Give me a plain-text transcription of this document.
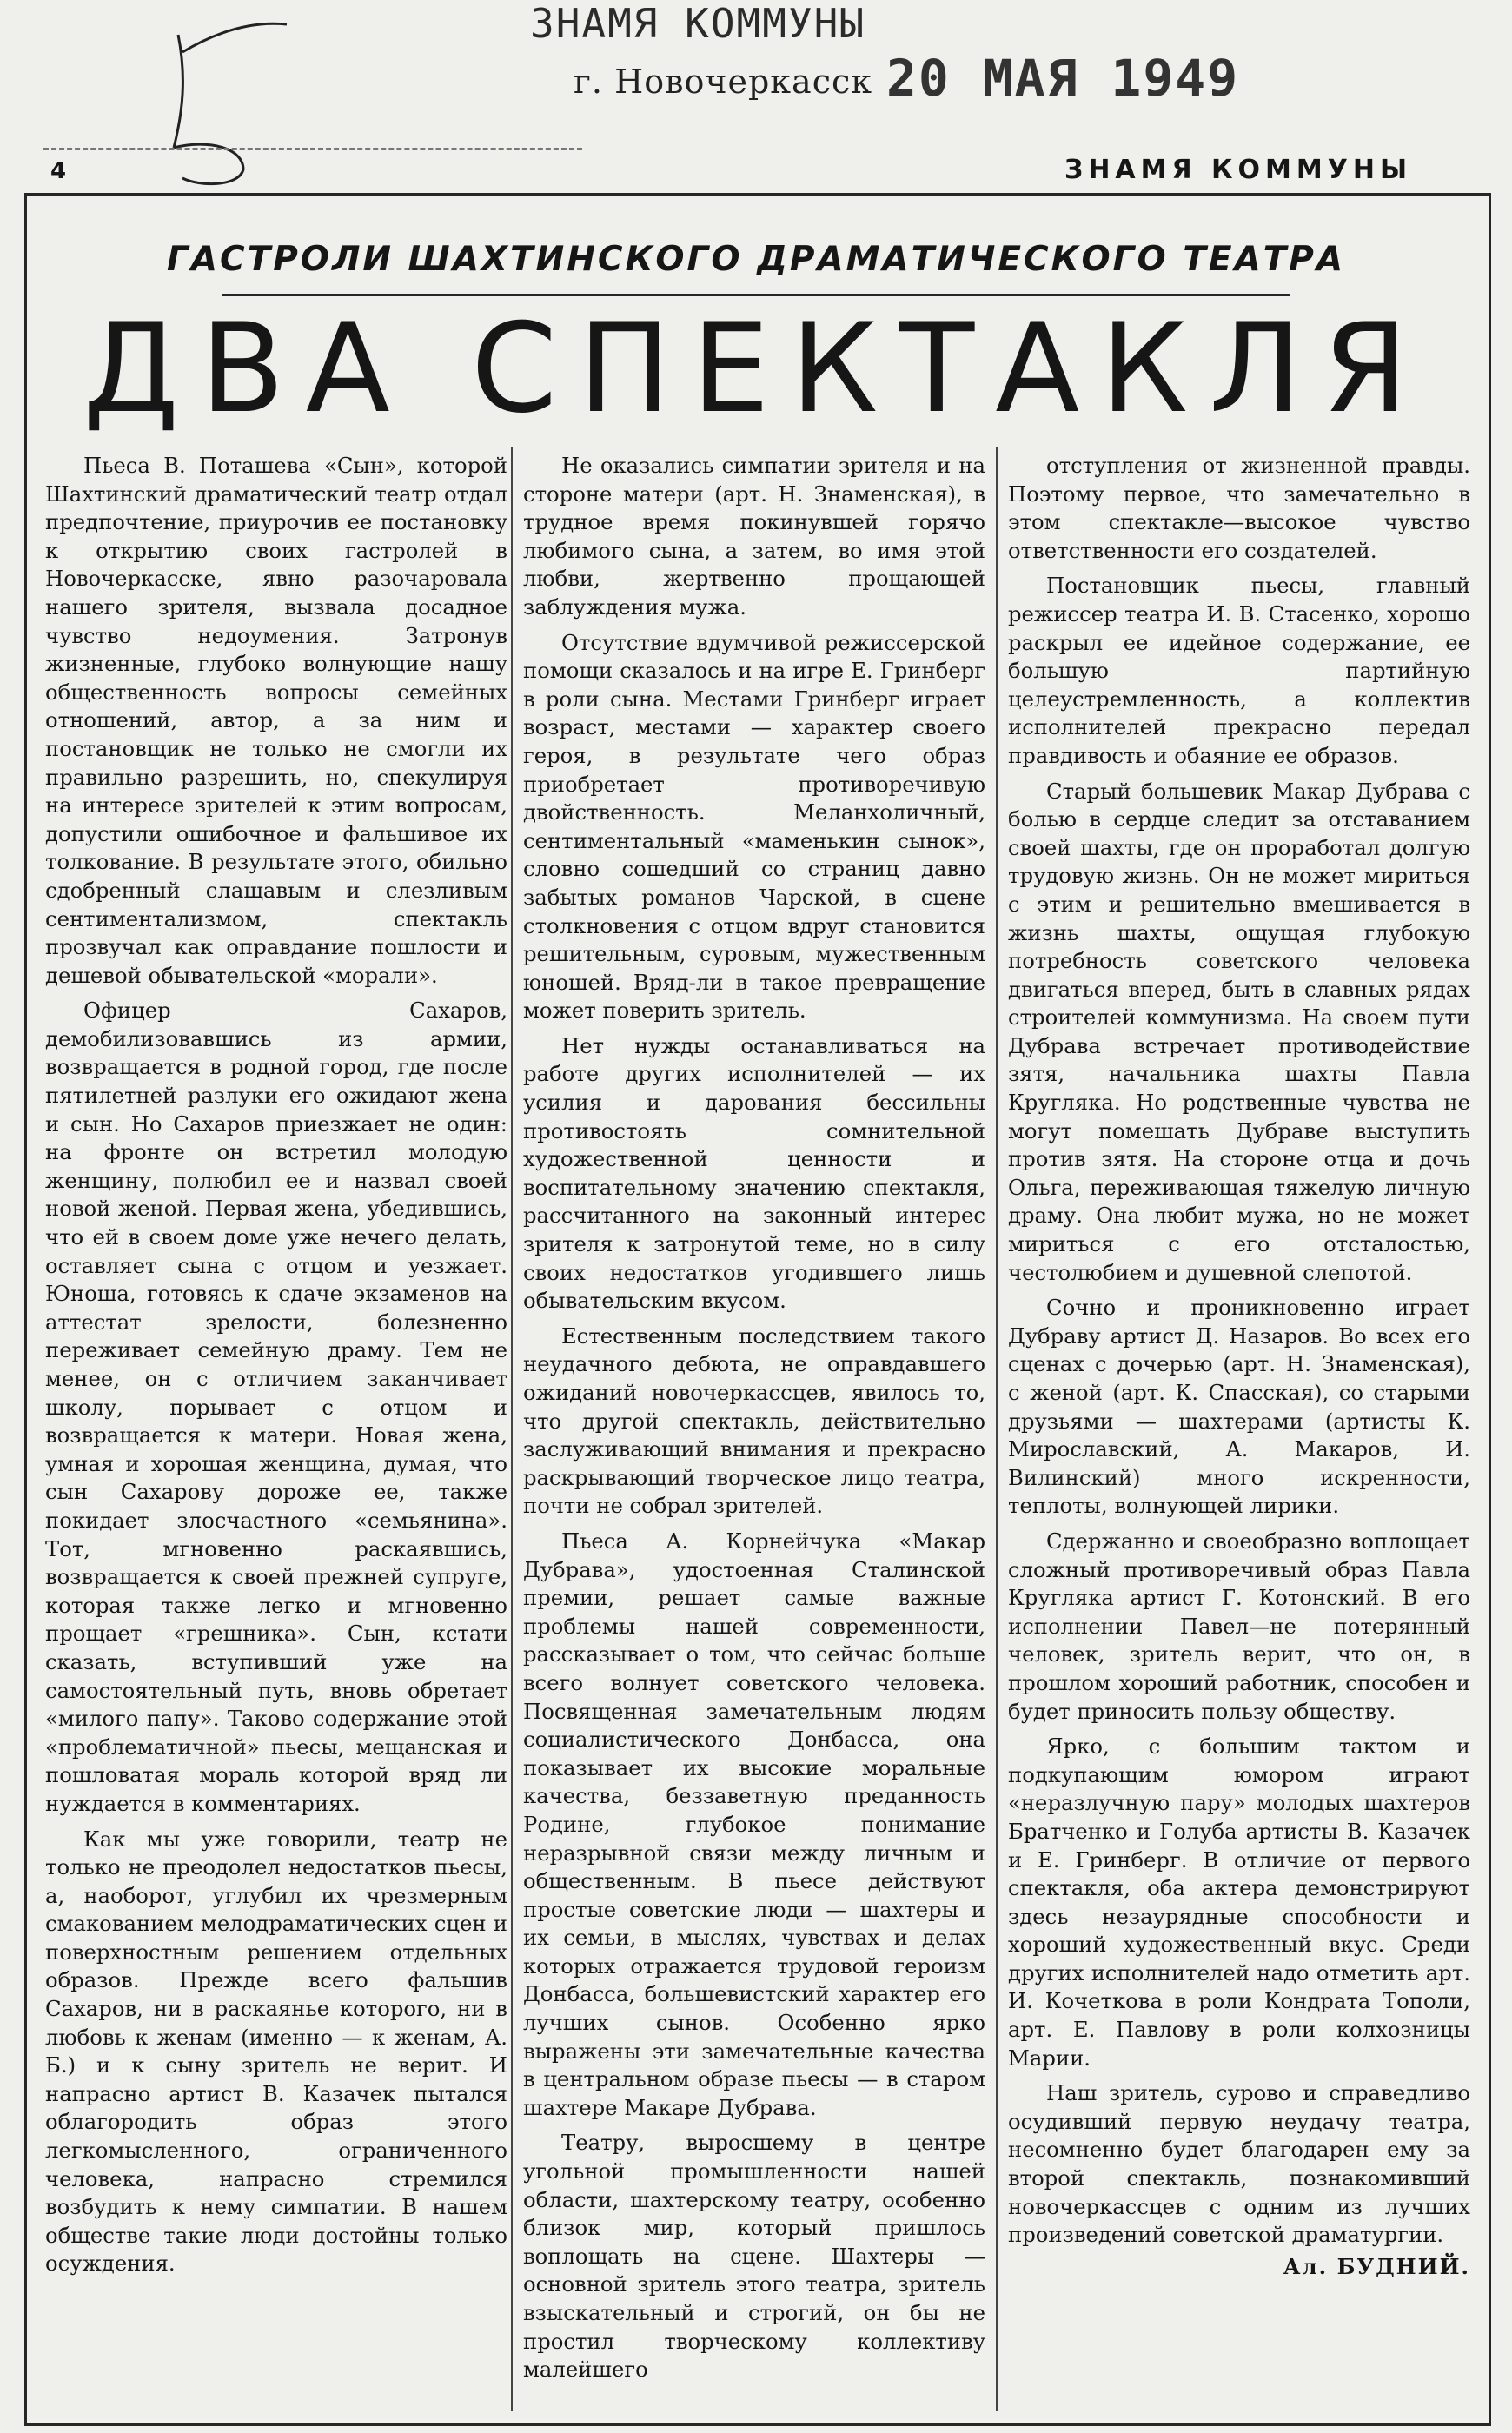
ЗНАМЯ КОММУНЫ
г. Новочеркасск 20 МАЯ 1949
4	ЗНАМЯ КОММУНЫ
ГАСТРОЛИ ШАХТИНСКОГО ДРАМАТИЧЕСКОГО ТЕАТРА
ДВА СПЕКТАКЛЯ

Пьеса В. Поташева «Сын», которой Шахтинский драматический театр отдал предпочтение, приурочив ее постановку к открытию своих гастролей в Новочеркасске, явно разочаровала нашего зрителя, вызвала досадное чувство недоумения. Затронув жизненные, глубоко волнующие нашу общественность вопросы семейных отношений, автор, а за ним и постановщик не только не смогли их правильно разрешить, но, спекулируя на интересе зрителей к этим вопросам, допустили ошибочное и фальшивое их толкование. В результате этого, обильно сдобренный слащавым и слезливым сентиментализмом, спектакль прозвучал как оправдание пошлости и дешевой обывательской «морали».

Офицер Сахаров, демобилизовавшись из армии, возвращается в родной город, где после пятилетней разлуки его ожидают жена и сын. Но Сахаров приезжает не один: на фронте он встретил молодую женщину, полюбил ее и назвал своей новой женой. Первая жена, убедившись, что ей в своем доме уже нечего делать, оставляет сына с отцом и уезжает. Юноша, готовясь к сдаче экзаменов на аттестат зрелости, болезненно переживает семейную драму. Тем не менее, он с отличием заканчивает школу, порывает с отцом и возвращается к матери. Новая жена, умная и хорошая женщина, думая, что сын Сахарову дороже ее, также покидает злосчастного «семьянина». Тот, мгновенно раскаявшись, возвращается к своей прежней супруге, которая также легко и мгновенно прощает «грешника». Сын, кстати сказать, вступивший уже на самостоятельный путь, вновь обретает «милого папу». Таково содержание этой «проблематичной» пьесы, мещанская и пошловатая мораль которой вряд ли нуждается в комментариях.

Как мы уже говорили, театр не только не преодолел недостатков пьесы, а, наоборот, углубил их чрезмерным смакованием мелодраматических сцен и поверхностным решением отдельных образов. Прежде всего фальшив Сахаров, ни в раскаянье которого, ни в любовь к женам (именно — к женам, А. Б.) и к сыну зритель не верит. И напрасно артист В. Казачек пытался облагородить образ этого легкомысленного, ограниченного человека, напрасно стремился возбудить к нему симпатии. В нашем обществе такие люди достойны только осуждения.

Не оказались симпатии зрителя и на стороне матери (арт. Н. Знаменская), в трудное время покинувшей горячо любимого сына, а затем, во имя этой любви, жертвенно прощающей заблуждения мужа.

Отсутствие вдумчивой режиссерской помощи сказалось и на игре Е. Гринберг в роли сына. Местами Гринберг играет возраст, местами — характер своего героя, в результате чего образ приобретает противоречивую двойственность. Меланхоличный, сентиментальный «маменькин сынок», словно сошедший со страниц давно забытых романов Чарской, в сцене столкновения с отцом вдруг становится решительным, суровым, мужественным юношей. Вряд-ли в такое превращение может поверить зритель.

Нет нужды останавливаться на работе других исполнителей — их усилия и дарования бессильны противостоять сомнительной художественной ценности и воспитательному значению спектакля, рассчитанного на законный интерес зрителя к затронутой теме, но в силу своих недостатков угодившего лишь обывательским вкусом.

Естественным последствием такого неудачного дебюта, не оправдавшего ожиданий новочеркассцев, явилось то, что другой спектакль, действительно заслуживающий внимания и прекрасно раскрывающий творческое лицо театра, почти не собрал зрителей.

Пьеса А. Корнейчука «Макар Дубрава», удостоенная Сталинской премии, решает самые важные проблемы нашей современности, рассказывает о том, что сейчас больше всего волнует советского человека. Посвященная замечательным людям социалистического Донбасса, она показывает их высокие моральные качества, беззаветную преданность Родине, глубокое понимание неразрывной связи между личным и общественным. В пьесе действуют простые советские люди — шахтеры и их семьи, в мыслях, чувствах и делах которых отражается трудовой героизм Донбасса, большевистский характер его лучших сынов. Особенно ярко выражены эти замечательные качества в центральном образе пьесы — в старом шахтере Макаре Дубрава.

Театру, выросшему в центре угольной промышленности нашей области, шахтерскому театру, особенно близок мир, который пришлось воплощать на сцене. Шахтеры — основной зритель этого театра, зритель взыскательный и строгий, он бы не простил творческому коллективу малейшего

отступления от жизненной правды. Поэтому первое, что замечательно в этом спектакле—высокое чувство ответственности его создателей.

Постановщик пьесы, главный режиссер театра И. В. Стасенко, хорошо раскрыл ее идейное содержание, ее большую партийную целеустремленность, а коллектив исполнителей прекрасно передал правдивость и обаяние ее образов.

Старый большевик Макар Дубрава с болью в сердце следит за отставанием своей шахты, где он проработал долгую трудовую жизнь. Он не может мириться с этим и решительно вмешивается в жизнь шахты, ощущая глубокую потребность советского человека двигаться вперед, быть в славных рядах строителей коммунизма. На своем пути Дубрава встречает противодействие зятя, начальника шахты Павла Кругляка. Но родственные чувства не могут помешать Дубраве выступить против зятя. На стороне отца и дочь Ольга, переживающая тяжелую личную драму. Она любит мужа, но не может мириться с его отсталостью, честолюбием и душевной слепотой.

Сочно и проникновенно играет Дубраву артист Д. Назаров. Во всех его сценах с дочерью (арт. Н. Знаменская), с женой (арт. К. Спасская), со старыми друзьями — шахтерами (артисты К. Мирославский, А. Макаров, И. Вилинский) много искренности, теплоты, волнующей лирики.

Сдержанно и своеобразно воплощает сложный противоречивый образ Павла Кругляка артист Г. Котонский. В его исполнении Павел—не потерянный человек, зритель верит, что он, в прошлом хороший работник, способен и будет приносить пользу обществу.

Ярко, с большим тактом и подкупающим юмором играют «неразлучную пару» молодых шахтеров Братченко и Голуба артисты В. Казачек и Е. Гринберг. В отличие от первого спектакля, оба актера демонстрируют здесь незаурядные способности и хороший художественный вкус. Среди других исполнителей надо отметить арт. И. Кочеткова в роли Кондрата Тополи, арт. Е. Павлову в роли колхозницы Марии.

Наш зритель, сурово и справедливо осудивший первую неудачу театра, несомненно будет благодарен ему за второй спектакль, познакомивший новочеркассцев с одним из лучших произведений советской драматургии.

Ал. БУДНИЙ.
